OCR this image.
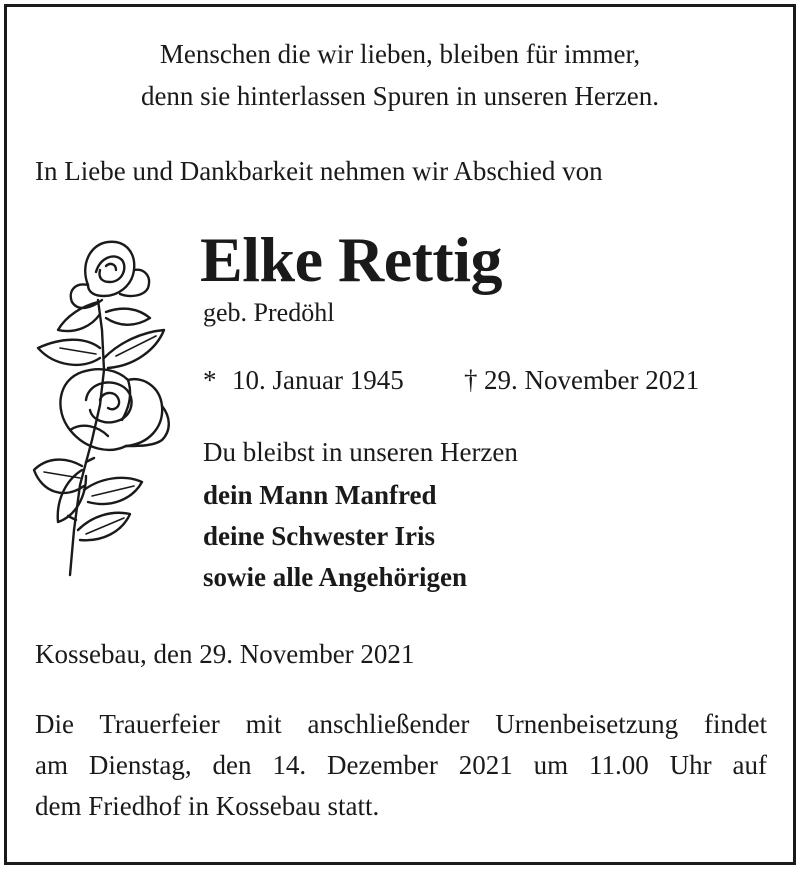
Menschen die wir lieben, bleiben für immer,
denn sie hinterlassen Spuren in unseren Herzen.
In Liebe und Dankbarkeit nehmen wir Abschied von
Elke Rettig
geb. Predöhl
* 10. Januar 1945 † 29. November 2021
Du bleibst in unseren Herzen
dein Mann Manfred
deine Schwester Iris
sowie alle Angehörigen
Kossebau, den 29. November 2021
Die Trauerfeier mit anschließender Urnenbeisetzung findet
am Dienstag, den 14. Dezember 2021 um 11.00 Uhr auf
dem Friedhof in Kossebau statt.
